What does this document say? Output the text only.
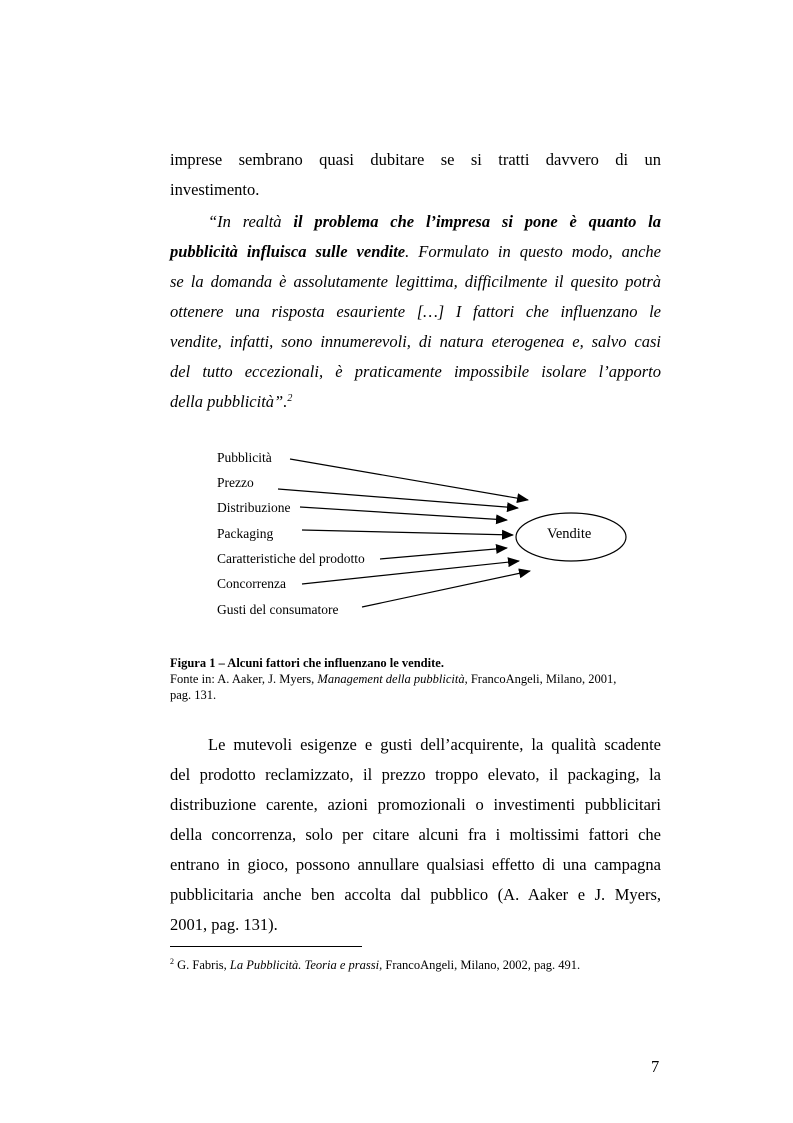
imprese sembrano quasi dubitare se si tratti davvero di un
investimento.
“In realtà il problema che l’impresa si pone è quanto la
pubblicità influisca sulle vendite. Formulato in questo modo, anche
se la domanda è assolutamente legittima, difficilmente il quesito potrà
ottenere una risposta esauriente […] I fattori che influenzano le
vendite, infatti, sono innumerevoli, di natura eterogenea e, salvo casi
del tutto eccezionali, è praticamente impossibile isolare l’apporto
della pubblicità”.$^2$
Pubblicità
Prezzo
Distribuzione
Packaging
Caratteristiche del prodotto
Concorrenza
Gusti del consumatore
Vendite
Figura 1 – Alcuni fattori che influenzano le vendite.
Fonte in: A. Aaker, J. Myers, Management della pubblicità, FrancoAngeli, Milano, 2001,
pag. 131.
Le mutevoli esigenze e gusti dell’acquirente, la qualità scadente
del prodotto reclamizzato, il prezzo troppo elevato, il packaging, la
distribuzione carente, azioni promozionali o investimenti pubblicitari
della concorrenza, solo per citare alcuni fra i moltissimi fattori che
entrano in gioco, possono annullare qualsiasi effetto di una campagna
pubblicitaria anche ben accolta dal pubblico (A. Aaker e J. Myers,
2001, pag. 131).
$^2$ G. Fabris, La Pubblicità. Teoria e prassi, FrancoAngeli, Milano, 2002, pag. 491.
7
